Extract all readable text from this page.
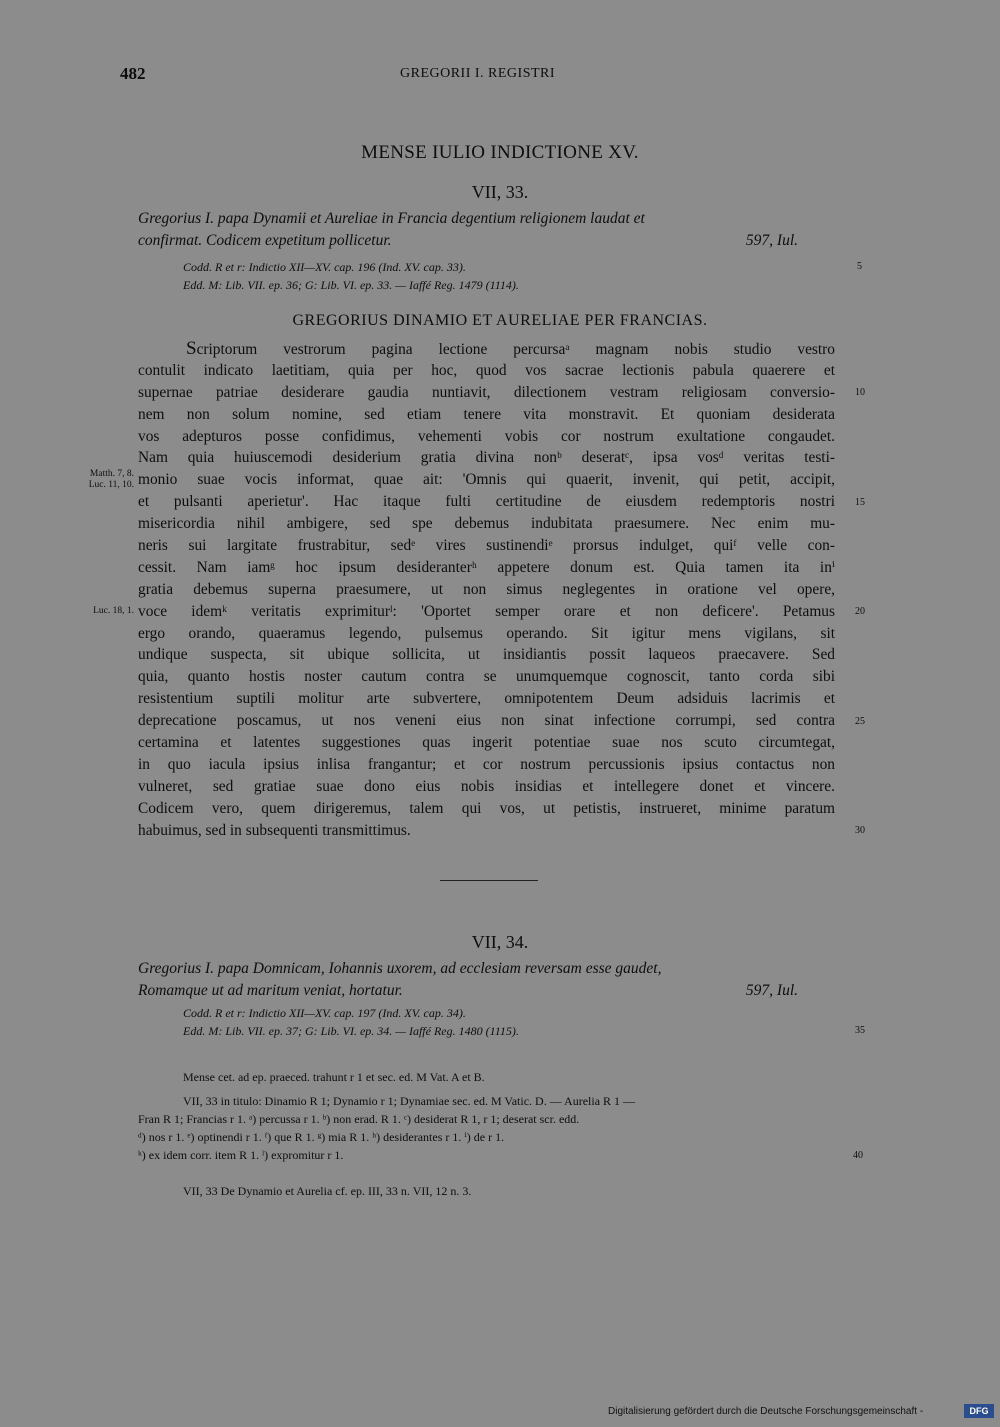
482	GREGORII I. REGISTRI
MENSE IULIO INDICTIONE XV.
VII, 33.
Gregorius I. papa Dynamii et Aureliae in Francia degentium religionem laudat et
confirmat. Codicem expetitum pollicetur.	597, Iul.
Codd. R et r: Indictio XII—XV. cap. 196 (Ind. XV. cap. 33).	5
Edd. M: Lib. VII. ep. 36; G: Lib. VI. ep. 33. — Iaffé Reg. 1479 (1114).
GREGORIUS DINAMIO ET AURELIAE PER FRANCIAS.
Scriptorum vestrorum pagina lectione percursaᵃ magnam nobis studio vestro
contulit indicato laetitiam, quia per hoc, quod vos sacrae lectionis pabula quaerere et
supernae patriae desiderare gaudia nuntiavit, dilectionem vestram religiosam conversio-
nem non solum nomine, sed etiam tenere vita monstravit. Et quoniam desiderata
vos adepturos posse confidimus, vehementi vobis cor nostrum exultatione congaudet.
Nam quia huiuscemodi desiderium gratia divina nonᵇ deseratᶜ, ipsa vosᵈ veritas testi-
monio suae vocis informat, quae ait: 'Omnis qui quaerit, invenit, qui petit, accipit,
et pulsanti aperietur'. Hac itaque fulti certitudine de eiusdem redemptoris nostri
misericordia nihil ambigere, sed spe debemus indubitata praesumere. Nec enim mu-
neris sui largitate frustrabitur, sedᵉ vires sustinendiᵉ prorsus indulget, quiᶠ velle con-
cessit. Nam iamᵍ hoc ipsum desideranterʰ appetere donum est. Quia tamen ita inⁱ
gratia debemus superna praesumere, ut non simus neglegentes in oratione vel opere,
voce idemᵏ veritatis exprimiturˡ: 'Oportet semper orare et non deficere'. Petamus
ergo orando, quaeramus legendo, pulsemus operando. Sit igitur mens vigilans, sit
undique suspecta, sit ubique sollicita, ut insidiantis possit laqueos praecavere. Sed
quia, quanto hostis noster cautum contra se unumquemque cognoscit, tanto corda sibi
resistentium suptili molitur arte subvertere, omnipotentem Deum adsiduis lacrimis et
deprecatione poscamus, ut nos veneni eius non sinat infectione corrumpi, sed contra
certamina et latentes suggestiones quas ingerit potentiae suae nos scuto circumtegat,
in quo iacula ipsius inlisa frangantur; et cor nostrum percussionis ipsius contactus non
vulneret, sed gratiae suae dono eius nobis insidias et intellegere donet et vincere.
Codicem vero, quem dirigeremus, talem qui vos, ut petistis, instrueret, minime paratum
habuimus, sed in subsequenti transmittimus.
10
15
20
25
30
Matth. 7, 8.
Luc. 11, 10.
Luc. 18, 1.
VII, 34.
Gregorius I. papa Domnicam, Iohannis uxorem, ad ecclesiam reversam esse gaudet,
Romamque ut ad maritum veniat, hortatur.	597, Iul.
Codd. R et r: Indictio XII—XV. cap. 197 (Ind. XV. cap. 34).
Edd. M: Lib. VII. ep. 37; G: Lib. VI. ep. 34. — Iaffé Reg. 1480 (1115).	35
Mense cet. ad ep. praeced. trahunt r 1 et sec. ed. M Vat. A et B.
VII, 33 in titulo: Dinamio R 1; Dynamio r 1; Dynamiae sec. ed. M Vatic. D. — Aurelia R 1 —
Fran R 1; Francias r 1. ᵃ) percussa r 1. ᵇ) non erad. R 1. ᶜ) desiderat R 1, r 1; deserat scr. edd.
ᵈ) nos r 1. ᵉ) optinendi r 1. ᶠ) que R 1. ᵍ) mia R 1. ʰ) desiderantes r 1. ⁱ) de r 1.
ᵏ) ex idem corr. item R 1. ˡ) expromitur r 1.	40
VII, 33 De Dynamio et Aurelia cf. ep. III, 33 n. VII, 12 n. 3.
Digitalisierung gefördert durch die Deutsche Forschungsgemeinschaft -	DFG
